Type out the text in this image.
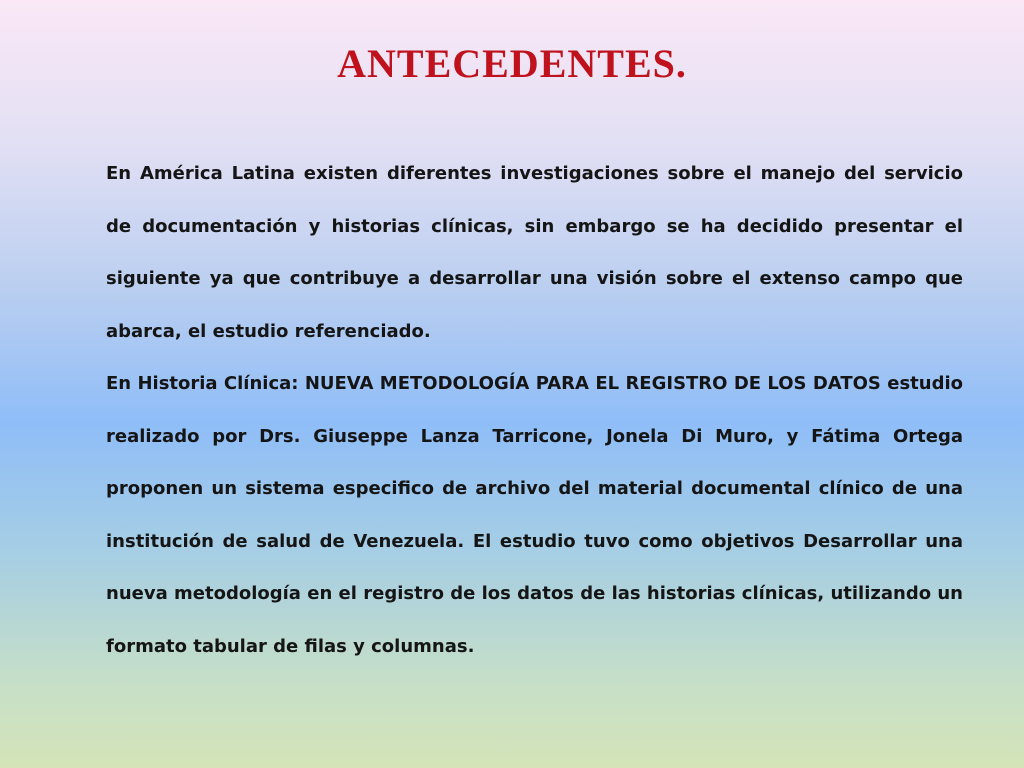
ANTECEDENTES.

En América Latina existen diferentes investigaciones sobre el manejo del servicio de documentación y historias clínicas, sin embargo se ha decidido presentar el siguiente ya que contribuye a desarrollar una visión sobre el extenso campo que abarca, el estudio referenciado.

En Historia Clínica: NUEVA METODOLOGÍA PARA EL REGISTRO DE LOS DATOS estudio realizado por Drs. Giuseppe Lanza Tarricone, Jonela Di Muro, y Fátima Ortega proponen un sistema especifico de archivo del material documental clínico de una institución de salud de Venezuela. El estudio tuvo como objetivos Desarrollar una nueva metodología en el registro de los datos de las historias clínicas, utilizando un formato tabular de filas y columnas.
